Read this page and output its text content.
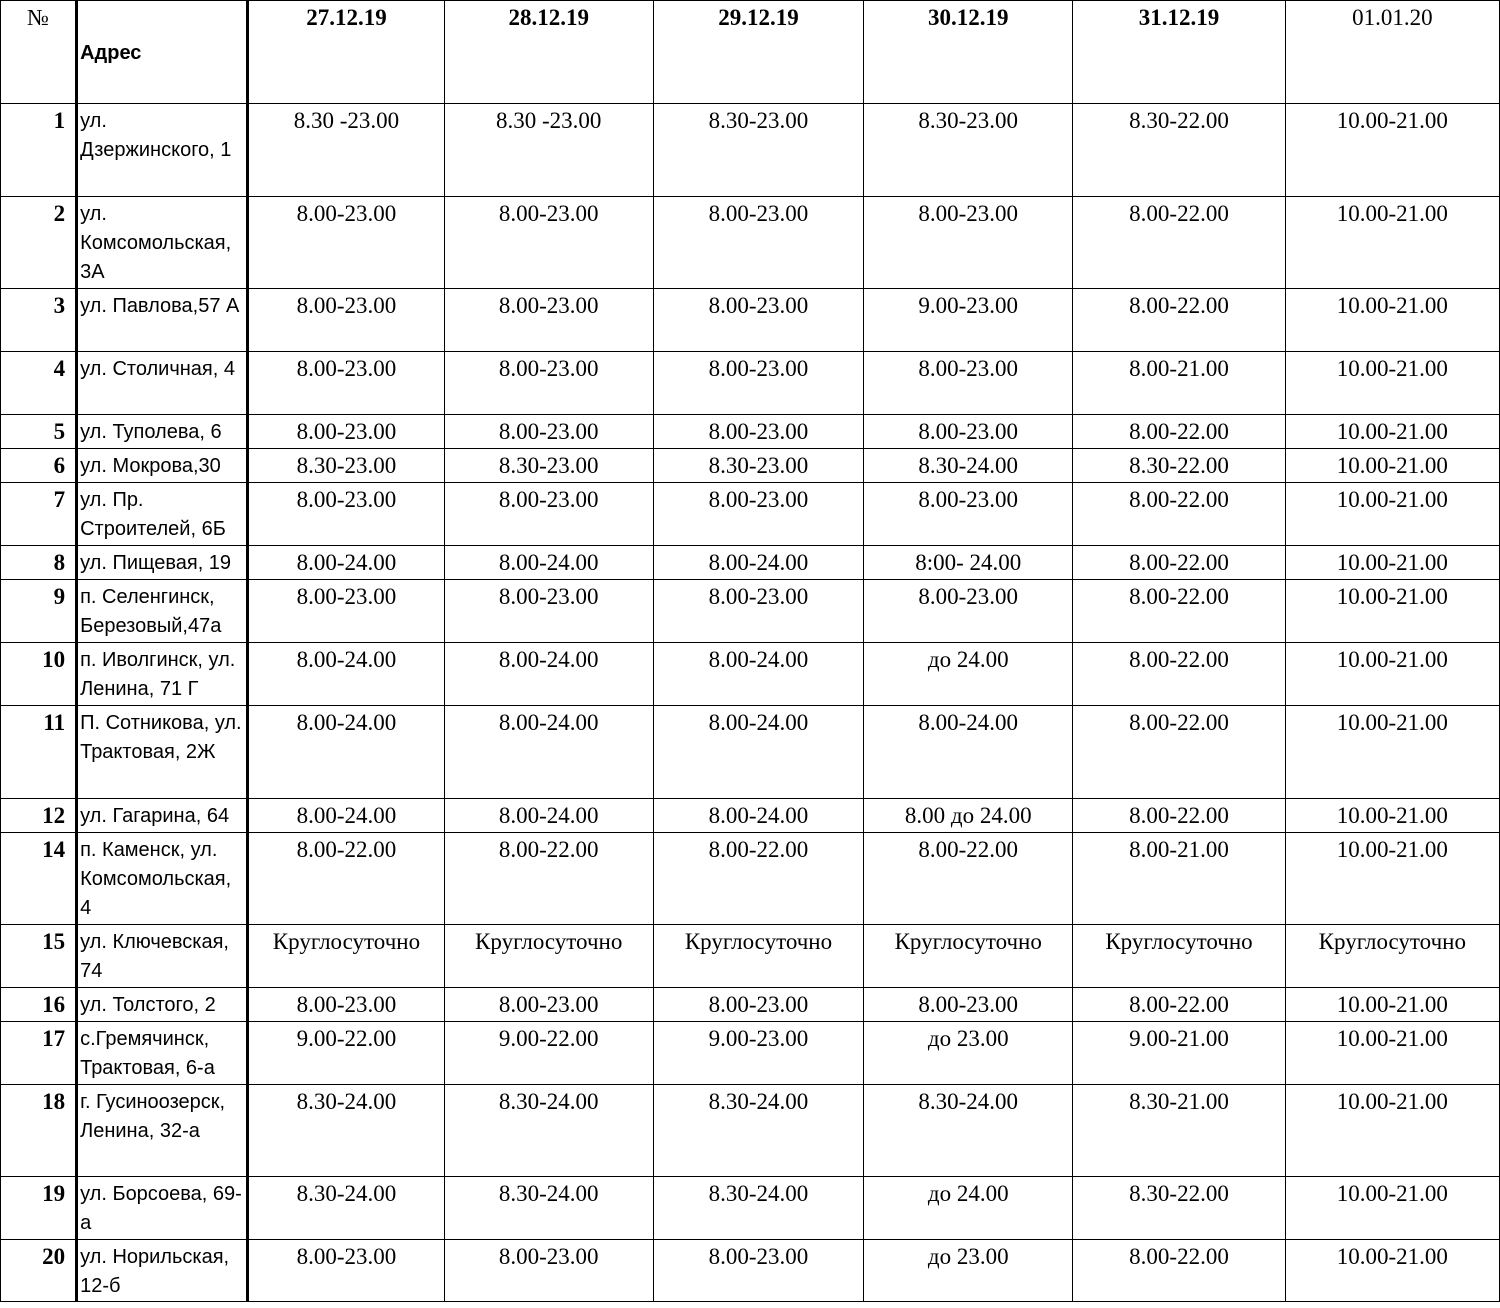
№	Адрес	27.12.19	28.12.19	29.12.19	30.12.19	31.12.19	01.01.20
1	ул. Дзержинского, 1	8.30 -23.00	8.30 -23.00	8.30-23.00	8.30-23.00	8.30-22.00	10.00-21.00
2	ул. Комсомольская, 3А	8.00-23.00	8.00-23.00	8.00-23.00	8.00-23.00	8.00-22.00	10.00-21.00
3	ул. Павлова,57 А	8.00-23.00	8.00-23.00	8.00-23.00	9.00-23.00	8.00-22.00	10.00-21.00
4	ул. Столичная, 4	8.00-23.00	8.00-23.00	8.00-23.00	8.00-23.00	8.00-21.00	10.00-21.00
5	ул. Туполева, 6	8.00-23.00	8.00-23.00	8.00-23.00	8.00-23.00	8.00-22.00	10.00-21.00
6	ул. Мокрова,30	8.30-23.00	8.30-23.00	8.30-23.00	8.30-24.00	8.30-22.00	10.00-21.00
7	ул. Пр. Строителей, 6Б	8.00-23.00	8.00-23.00	8.00-23.00	8.00-23.00	8.00-22.00	10.00-21.00
8	ул. Пищевая, 19	8.00-24.00	8.00-24.00	8.00-24.00	8:00- 24.00	8.00-22.00	10.00-21.00
9	п. Селенгинск, Березовый,47а	8.00-23.00	8.00-23.00	8.00-23.00	8.00-23.00	8.00-22.00	10.00-21.00
10	п. Иволгинск, ул. Ленина, 71 Г	8.00-24.00	8.00-24.00	8.00-24.00	до 24.00	8.00-22.00	10.00-21.00
11	П. Сотникова, ул. Трактовая, 2Ж	8.00-24.00	8.00-24.00	8.00-24.00	8.00-24.00	8.00-22.00	10.00-21.00
12	ул. Гагарина, 64	8.00-24.00	8.00-24.00	8.00-24.00	8.00 до 24.00	8.00-22.00	10.00-21.00
14	п. Каменск, ул. Комсомольская, 4	8.00-22.00	8.00-22.00	8.00-22.00	8.00-22.00	8.00-21.00	10.00-21.00
15	ул. Ключевская, 74	Круглосуточно	Круглосуточно	Круглосуточно	Круглосуточно	Круглосуточно	Круглосуточно
16	ул. Толстого, 2	8.00-23.00	8.00-23.00	8.00-23.00	8.00-23.00	8.00-22.00	10.00-21.00
17	с.Гремячинск, Трактовая, 6-а	9.00-22.00	9.00-22.00	9.00-23.00	до 23.00	9.00-21.00	10.00-21.00
18	г. Гусиноозерск, Ленина, 32-а	8.30-24.00	8.30-24.00	8.30-24.00	8.30-24.00	8.30-21.00	10.00-21.00
19	ул. Борсоева, 69-а	8.30-24.00	8.30-24.00	8.30-24.00	до 24.00	8.30-22.00	10.00-21.00
20	ул. Норильская, 12-б	8.00-23.00	8.00-23.00	8.00-23.00	до 23.00	8.00-22.00	10.00-21.00
